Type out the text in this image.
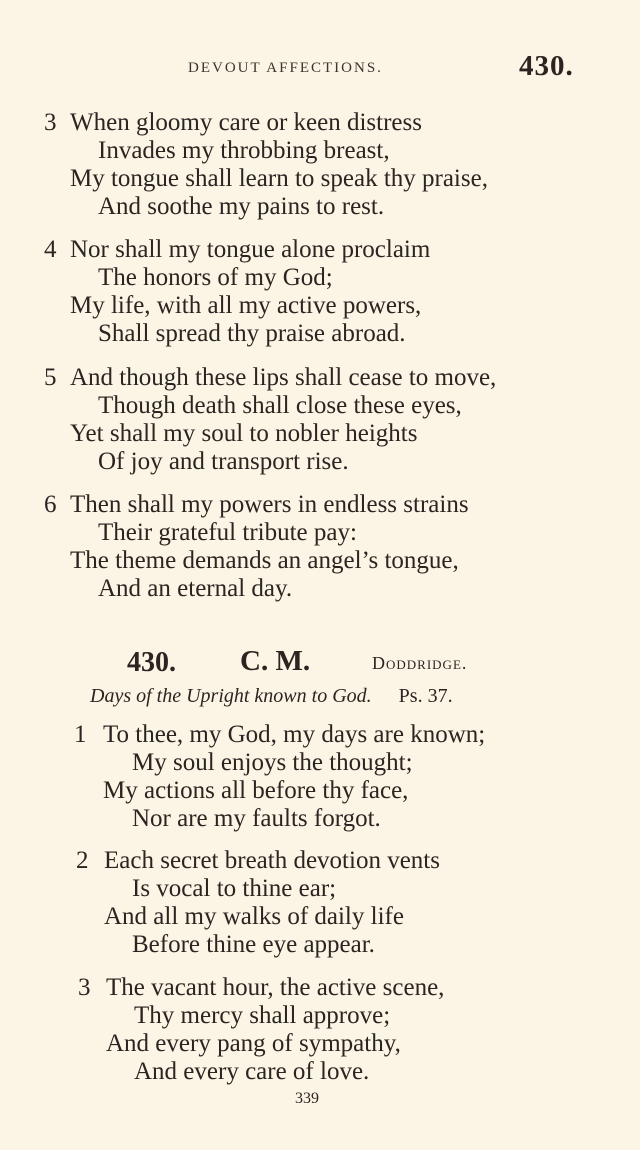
DEVOUT AFFECTIONS.	430.
3 When gloomy care or keen distress
Invades my throbbing breast,
My tongue shall learn to speak thy praise,
And soothe my pains to rest.
4 Nor shall my tongue alone proclaim
The honors of my God;
My life, with all my active powers,
Shall spread thy praise abroad.
5 And though these lips shall cease to move,
Though death shall close these eyes,
Yet shall my soul to nobler heights
Of joy and transport rise.
6 Then shall my powers in endless strains
Their grateful tribute pay:
The theme demands an angel’s tongue,
And an eternal day.
430. C. M.	Doddridge.
Days of the Upright known to God. Ps. 37.
1 To thee, my God, my days are known;
My soul enjoys the thought;
My actions all before thy face,
Nor are my faults forgot.
2 Each secret breath devotion vents
Is vocal to thine ear;
And all my walks of daily life
Before thine eye appear.
3 The vacant hour, the active scene,
Thy mercy shall approve;
And every pang of sympathy,
And every care of love.
339
